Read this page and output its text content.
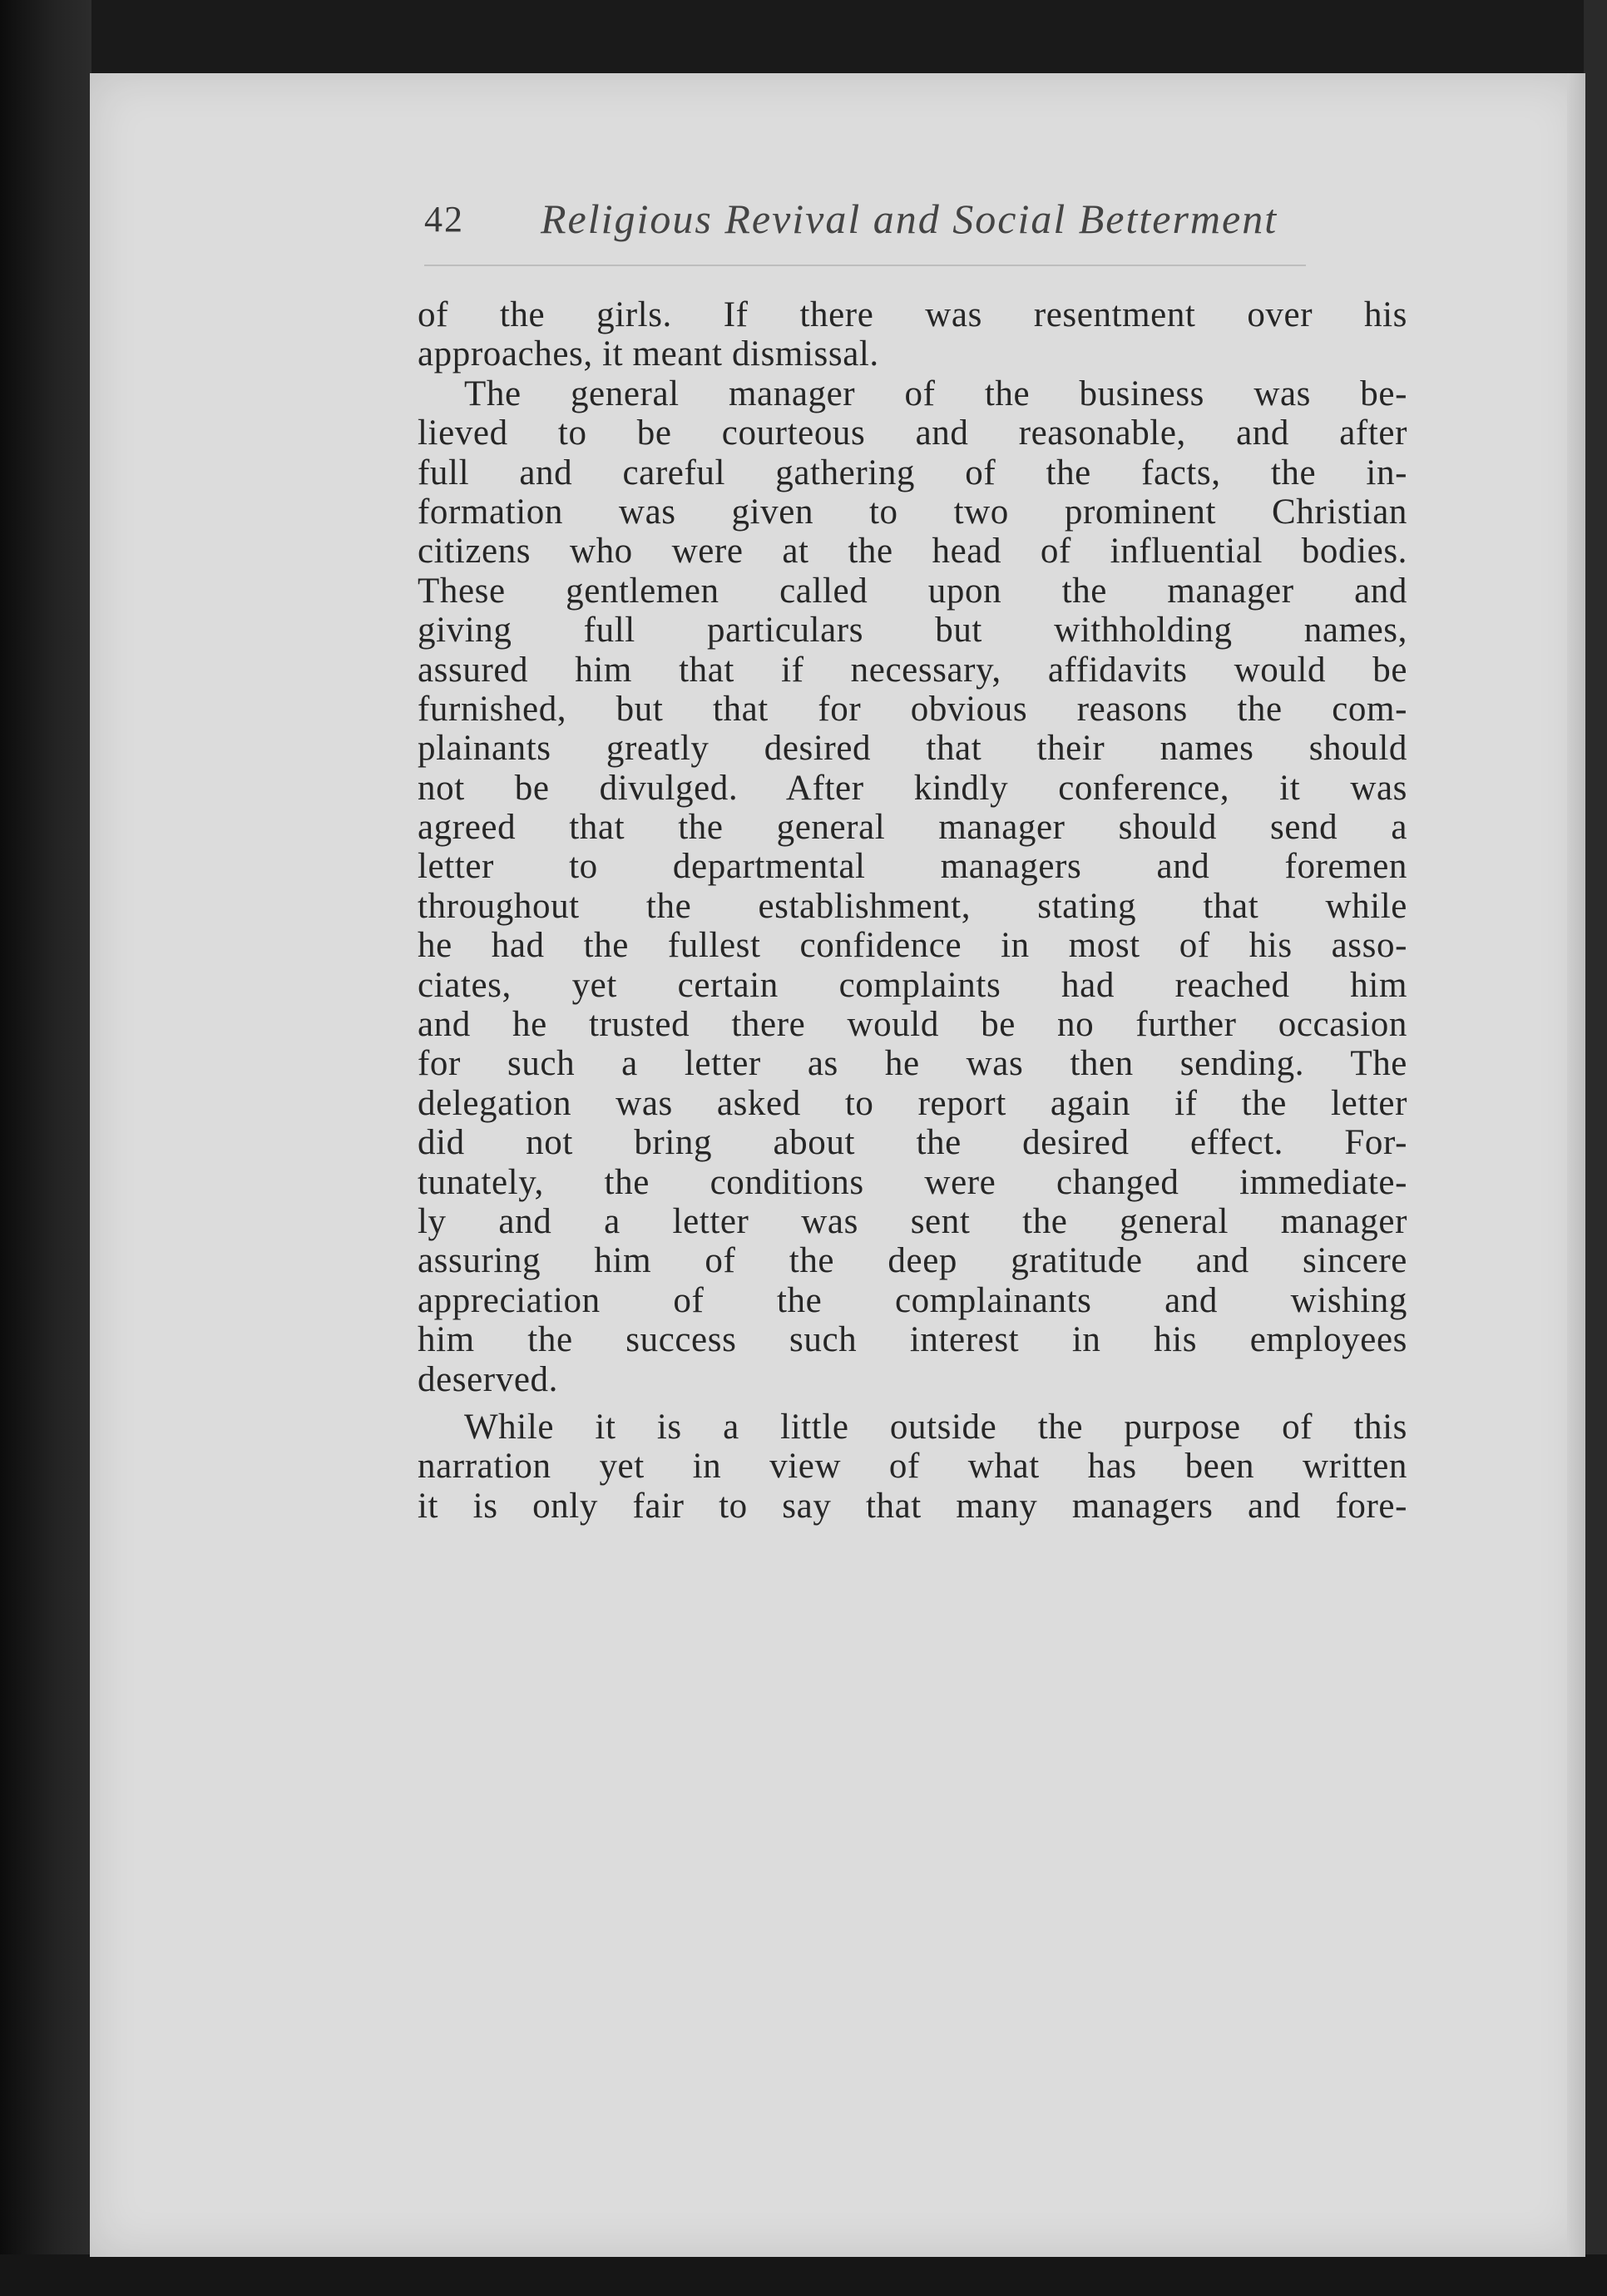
42 Religious Revival and Social Betterment
of the girls. If there was resentment over his
approaches, it meant dismissal.
The general manager of the business was be-
lieved to be courteous and reasonable, and after
full and careful gathering of the facts, the in-
formation was given to two prominent Christian
citizens who were at the head of influential bodies.
These gentlemen called upon the manager and
giving full particulars but withholding names,
assured him that if necessary, affidavits would be
furnished, but that for obvious reasons the com-
plainants greatly desired that their names should
not be divulged. After kindly conference, it was
agreed that the general manager should send a
letter to departmental managers and foremen
throughout the establishment, stating that while
he had the fullest confidence in most of his asso-
ciates, yet certain complaints had reached him
and he trusted there would be no further occasion
for such a letter as he was then sending. The
delegation was asked to report again if the letter
did not bring about the desired effect. For-
tunately, the conditions were changed immediate-
ly and a letter was sent the general manager
assuring him of the deep gratitude and sincere
appreciation of the complainants and wishing
him the success such interest in his employees
deserved.
While it is a little outside the purpose of this
narration yet in view of what has been written
it is only fair to say that many managers and fore-
